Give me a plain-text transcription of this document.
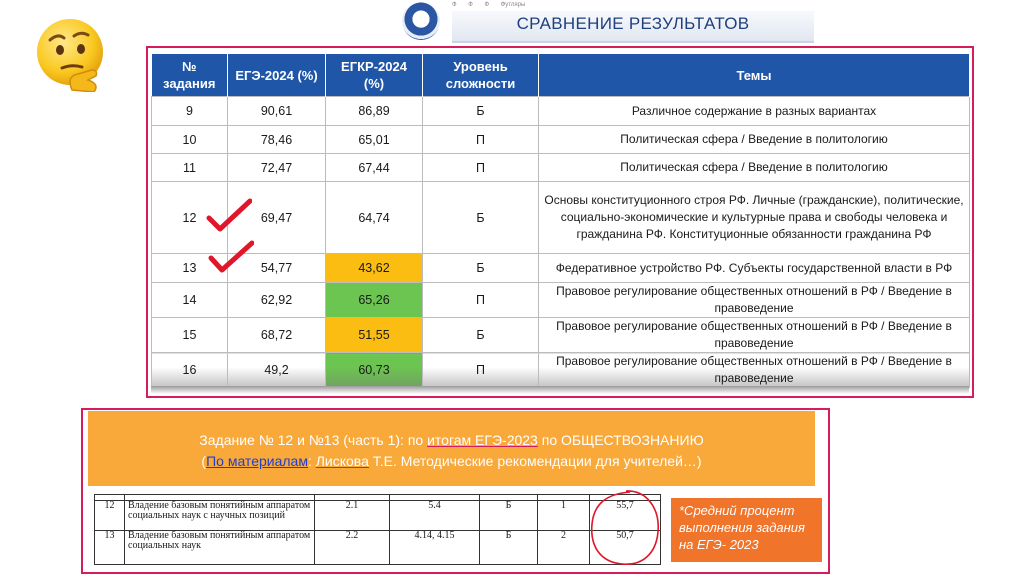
Ф Ф Ф Футляры
СРАВНЕНИЕ РЕЗУЛЬТАТОВ
№ задания	ЕГЭ-2024 (%)	ЕГКР-2024 (%)	Уровень сложности	Темы
9	90,61	86,89	Б	Различное содержание в разных вариантах
10	78,46	65,01	П	Политическая сфера / Введение в политологию
11	72,47	67,44	П	Политическая сфера / Введение в политологию
12	69,47	64,74	Б	Основы конституционного строя РФ. Личные (гражданские), политические, социально-экономические и культурные права и свободы человека и гражданина РФ. Конституционные обязанности гражданина РФ
13	54,77	43,62	Б	Федеративное устройство РФ. Субъекты государственной власти в РФ
14	62,92	65,26	П	Правовое регулирование общественных отношений в РФ / Введение в правоведение
15	68,72	51,55	Б	Правовое регулирование общественных отношений в РФ / Введение в правоведение
16	49,2	60,73	П	Правовое регулирование общественных отношений в РФ / Введение в правоведение
Задание № 12 и №13 (часть 1): по итогам ЕГЭ-2023 по ОБЩЕСТВОЗНАНИЮ
(По материалам: Лискова Т.Е. Методические рекомендации для учителей…)

12	Владение базовым понятийным аппаратом социальных наук с научных позиций	2.1	5.4	Б	1	55,7
13	Владение базовым понятийным аппаратом социальных наук	2.2	4.14, 4.15	Б	2	50,7
*Средний процент выполнения задания на ЕГЭ- 2023
